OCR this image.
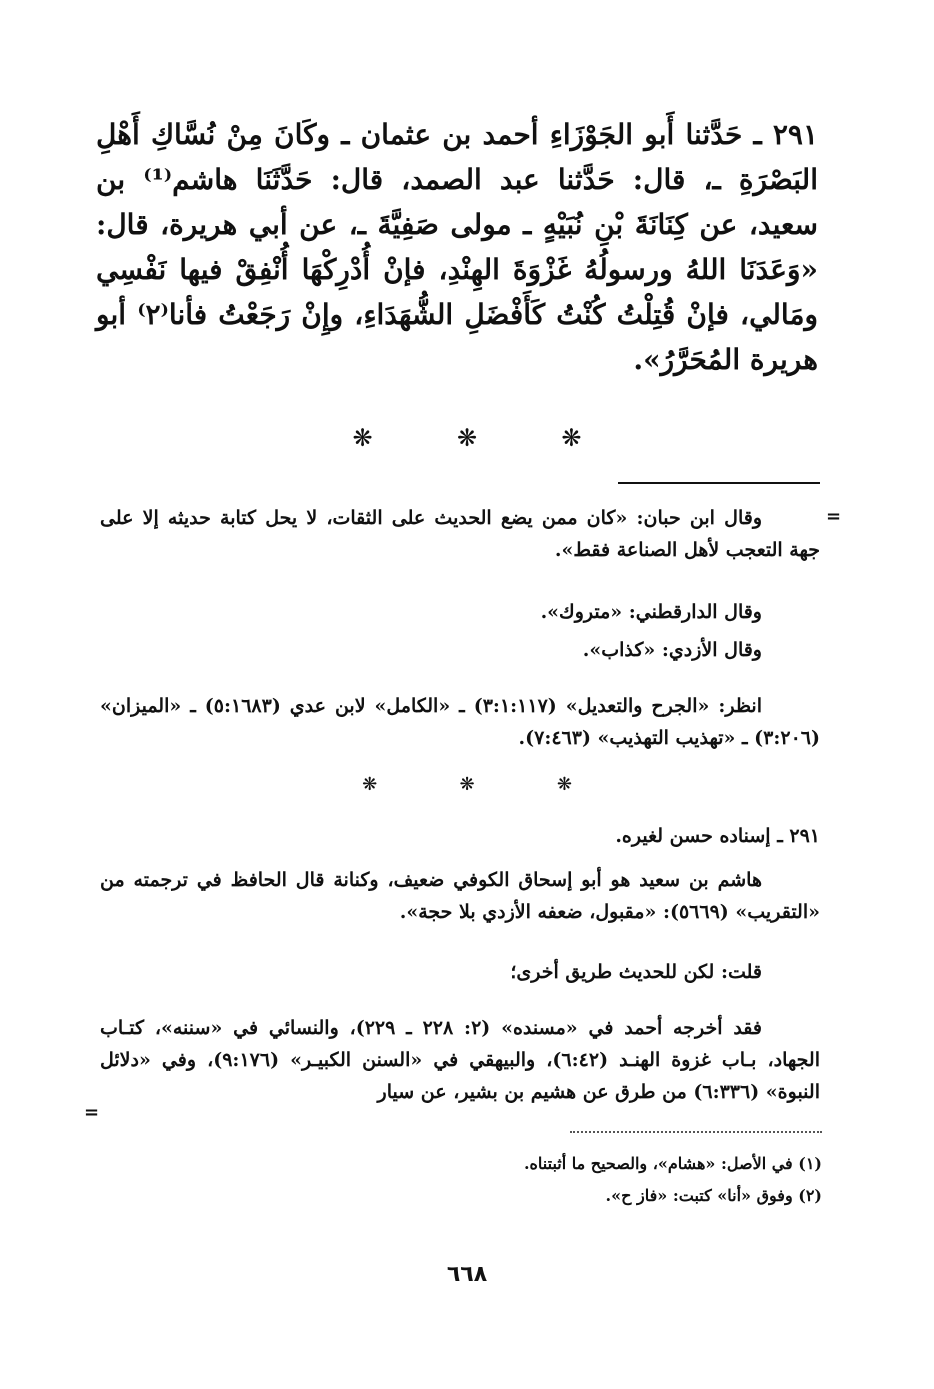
٢٩١ ـ حَدَّثنا أَبو الجَوْزَاءِ أحمد بن عثمان ـ وكَانَ مِنْ نُسَّاكِ أَهْلِ البَصْرَةِ ـ، قال: حَدَّثنا عبد الصمد، قال: حَدَّثَنَا هاشم⁽¹⁾ بن سعيد، عن كِنَانَةَ بْنِ نُبَيْهٍ ـ مولى صَفِيَّةَ ـ، عن أبي هريرة، قال: «وَعَدَنَا اللهُ ورسولُهُ غَزْوَةَ الهِنْدِ، فإنْ أُدْرِكْهَا أُنْفِقْ فيها نَفْسِي ومَالي، فإنْ قُتِلْتُ كُنْتُ كَأَفْضَلِ الشُّهَدَاءِ، وإِنْ رَجَعْتُ فأنا⁽٢⁾ أبو هريرة المُحَرَّرُ».
❋	❋	❋
=
وقال ابن حبان: «كان ممن يضع الحديث على الثقات، لا يحل كتابة حديثه إلا على جهة التعجب لأهل الصناعة فقط».
وقال الدارقطني: «متروك».
وقال الأزدي: «كذاب».
انظر: «الجرح والتعديل» (٣:١:١١٧) ـ «الكامل» لابن عدي (٥:١٦٨٣) ـ «الميزان» (٣:٢٠٦) ـ «تهذيب التهذيب» (٧:٤٦٣).
❋	❋	❋
٢٩١ ـ إسناده حسن لغيره.
هاشم بن سعيد هو أبو إسحاق الكوفي ضعيف، وكنانة قال الحافظ في ترجمته من «التقريب» (٥٦٦٩): «مقبول، ضعفه الأزدي بلا حجة».
قلت: لكن للحديث طريق أخرى؛
فقد أخرجه أحمد في «مسنده» (٢: ٢٢٨ ـ ٢٢٩)، والنسائي في «سننه»، كتـاب الجهاد، بـاب غزوة الهنـد (٦:٤٢)، والبيهقي في «السنن الكبيـر» (٩:١٧٦)، وفي «دلائل النبوة» (٦:٣٣٦) من طرق عن هشيم بن بشير، عن سيار
=
(١) في الأصل: «هشام»، والصحيح ما أثبتناه.
(٢) وفوق «أنا» كتبت: «فاز ح».
٦٦٨
